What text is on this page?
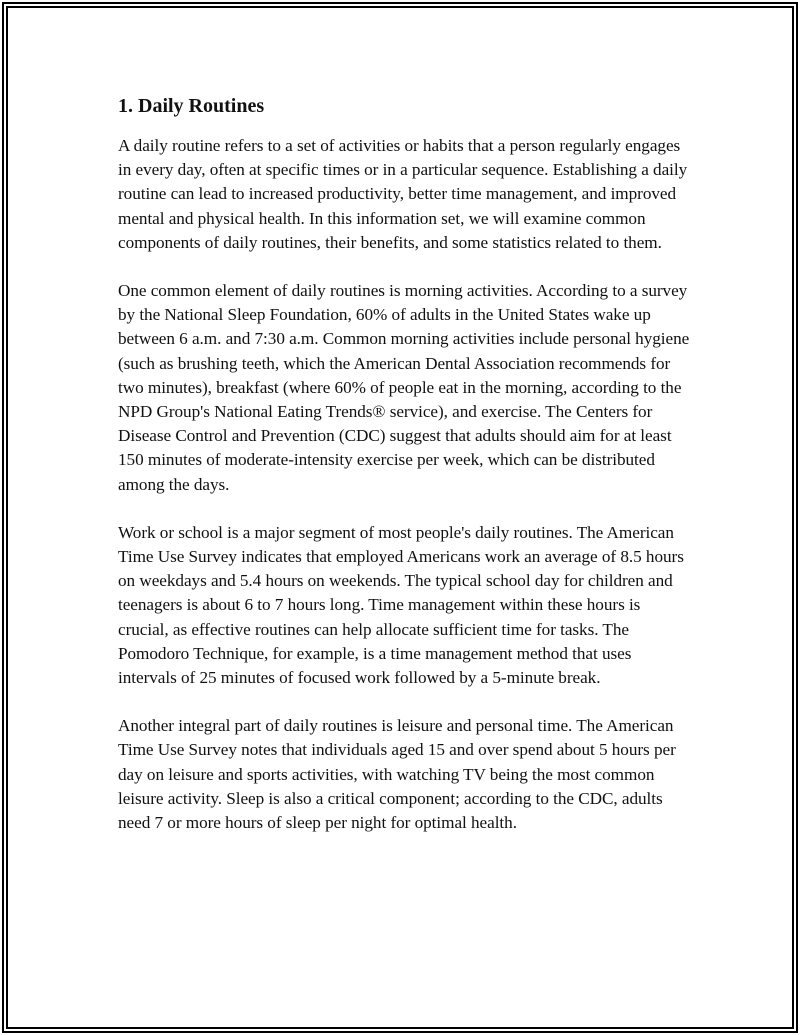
1. Daily Routines

A daily routine refers to a set of activities or habits that a person regularly engages in every day, often at specific times or in a particular sequence. Establishing a daily routine can lead to increased productivity, better time management, and improved mental and physical health. In this information set, we will examine common components of daily routines, their benefits, and some statistics related to them.

One common element of daily routines is morning activities. According to a survey by the National Sleep Foundation, 60% of adults in the United States wake up between 6 a.m. and 7:30 a.m. Common morning activities include personal hygiene (such as brushing teeth, which the American Dental Association recommends for two minutes), breakfast (where 60% of people eat in the morning, according to the NPD Group's National Eating Trends® service), and exercise. The Centers for Disease Control and Prevention (CDC) suggest that adults should aim for at least 150 minutes of moderate-intensity exercise per week, which can be distributed among the days.

Work or school is a major segment of most people's daily routines. The American Time Use Survey indicates that employed Americans work an average of 8.5 hours on weekdays and 5.4 hours on weekends. The typical school day for children and teenagers is about 6 to 7 hours long. Time management within these hours is crucial, as effective routines can help allocate sufficient time for tasks. The Pomodoro Technique, for example, is a time management method that uses intervals of 25 minutes of focused work followed by a 5-minute break.

Another integral part of daily routines is leisure and personal time. The American Time Use Survey notes that individuals aged 15 and over spend about 5 hours per day on leisure and sports activities, with watching TV being the most common leisure activity. Sleep is also a critical component; according to the CDC, adults need 7 or more hours of sleep per night for optimal health.
